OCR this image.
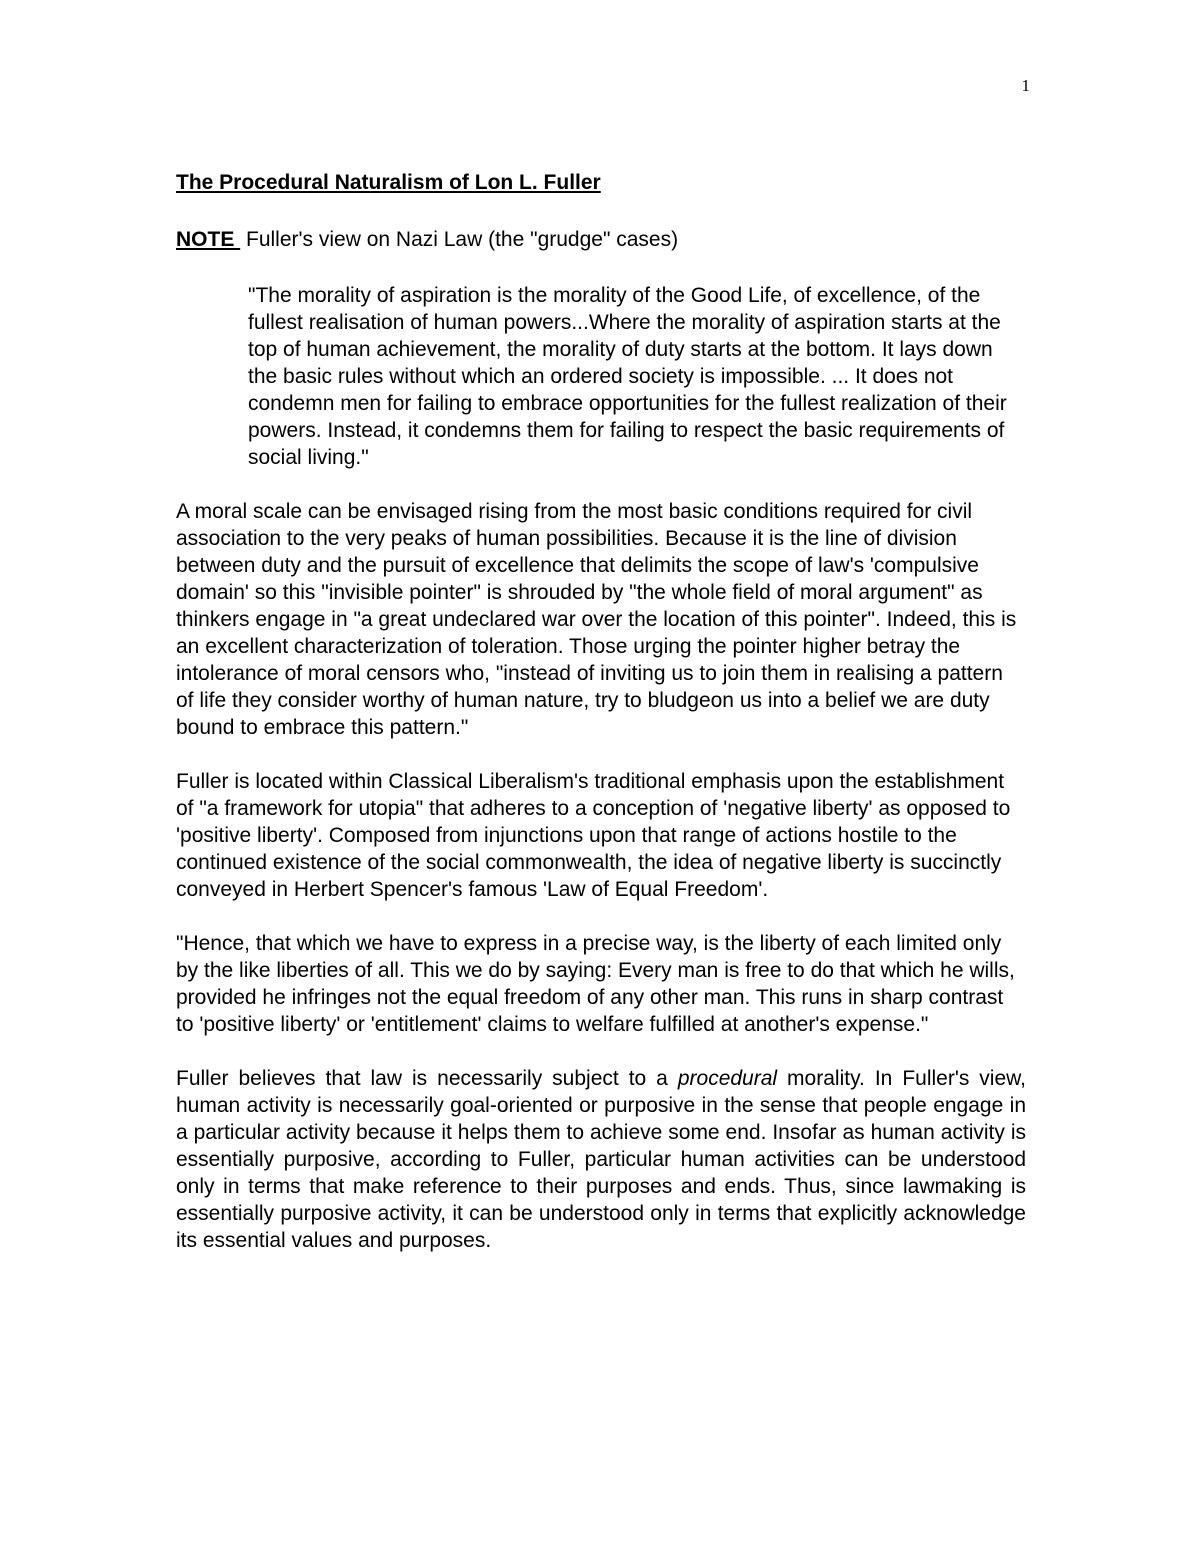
1
The Procedural Naturalism of Lon L. Fuller
NOTE  Fuller's view on Nazi Law (the "grudge" cases)
"The morality of aspiration is the morality of the Good Life, of excellence, of the fullest realisation of human powers...Where the morality of aspiration starts at the top of human achievement, the morality of duty starts at the bottom. It lays down the basic rules without which an ordered society is impossible. ... It does not condemn men for failing to embrace opportunities for the fullest realization of their powers. Instead, it condemns them for failing to respect the basic requirements of social living."

A moral scale can be envisaged rising from the most basic conditions required for civil association to the very peaks of human possibilities. Because it is the line of division between duty and the pursuit of excellence that delimits the scope of law's 'compulsive domain' so this "invisible pointer" is shrouded by "the whole field of moral argument" as thinkers engage in "a great undeclared war over the location of this pointer". Indeed, this is an excellent characterization of toleration. Those urging the pointer higher betray the intolerance of moral censors who, "instead of inviting us to join them in realising a pattern of life they consider worthy of human nature, try to bludgeon us into a belief we are duty bound to embrace this pattern."

Fuller is located within Classical Liberalism's traditional emphasis upon the establishment of "a framework for utopia" that adheres to a conception of 'negative liberty' as opposed to 'positive liberty'. Composed from injunctions upon that range of actions hostile to the continued existence of the social commonwealth, the idea of negative liberty is succinctly conveyed in Herbert Spencer's famous 'Law of Equal Freedom'.

"Hence, that which we have to express in a precise way, is the liberty of each limited only by the like liberties of all. This we do by saying: Every man is free to do that which he wills, provided he infringes not the equal freedom of any other man. This runs in sharp contrast to 'positive liberty' or 'entitlement' claims to welfare fulfilled at another's expense."

Fuller believes that law is necessarily subject to a procedural morality. In Fuller's view, human activity is necessarily goal-oriented or purposive in the sense that people engage in a particular activity because it helps them to achieve some end. Insofar as human activity is essentially purposive, according to Fuller, particular human activities can be understood only in terms that make reference to their purposes and ends. Thus, since lawmaking is essentially purposive activity, it can be understood only in terms that explicitly acknowledge its essential values and purposes.
